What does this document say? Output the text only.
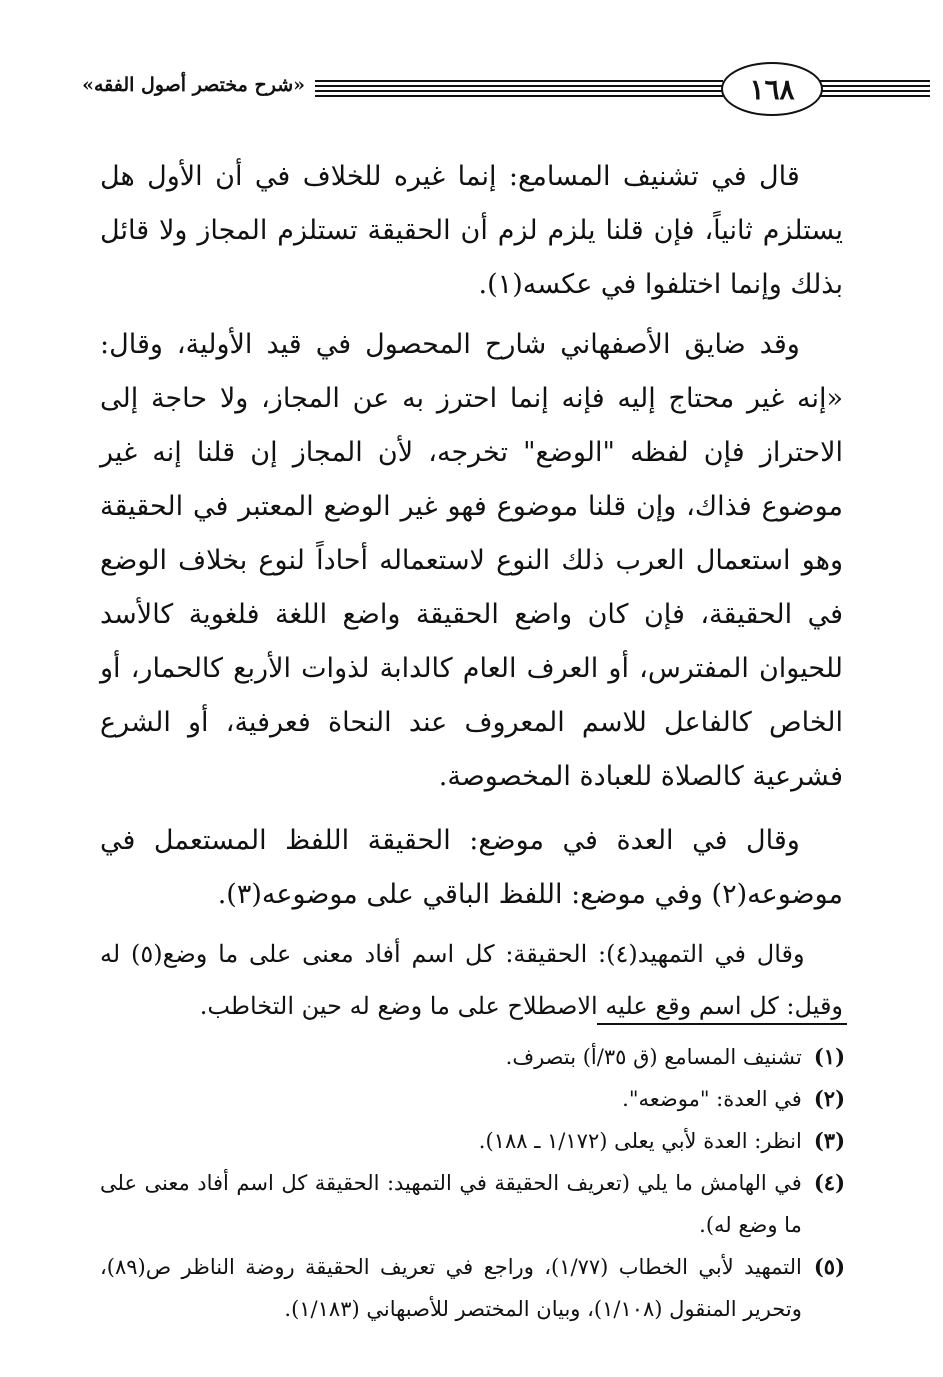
١٦٨
«شرح مختصر أصول الفقه»

قال في تشنيف المسامع: إنما غيره للخلاف في أن الأول هل يستلزم ثانياً، فإن قلنا يلزم لزم أن الحقيقة تستلزم المجاز ولا قائل بذلك وإنما اختلفوا في عكسه(١).

وقد ضايق الأصفهاني شارح المحصول في قيد الأولية، وقال: «إنه غير محتاج إليه فإنه إنما احترز به عن المجاز، ولا حاجة إلى الاحتراز فإن لفظه "الوضع" تخرجه، لأن المجاز إن قلنا إنه غير موضوع فذاك، وإن قلنا موضوع فهو غير الوضع المعتبر في الحقيقة وهو استعمال العرب ذلك النوع لاستعماله أحاداً لنوع بخلاف الوضع في الحقيقة، فإن كان واضع الحقيقة واضع اللغة فلغوية كالأسد للحيوان المفترس، أو العرف العام كالدابة لذوات الأربع كالحمار، أو الخاص كالفاعل للاسم المعروف عند النحاة فعرفية، أو الشرع فشرعية كالصلاة للعبادة المخصوصة.

وقال في العدة في موضع: الحقيقة اللفظ المستعمل في موضوعه(٢) وفي موضع: اللفظ الباقي على موضوعه(٣).

وقال في التمهيد(٤): الحقيقة: كل اسم أفاد معنى على ما وضع(٥) له وقيل: كل اسم وقع عليه الاصطلاح على ما وضع له حين التخاطب.

(١)
تشنيف المسامع (ق ٣٥/أ) بتصرف.
(٢)
في العدة: "موضعه".
(٣)
انظر: العدة لأبي يعلى (١/١٧٢ ـ ١٨٨).
(٤)
في الهامش ما يلي (تعريف الحقيقة في التمهيد: الحقيقة كل اسم أفاد معنى على ما وضع له).
(٥)
التمهيد لأبي الخطاب (١/٧٧)، وراجع في تعريف الحقيقة روضة الناظر ص(٨٩)، وتحرير المنقول (١/١٠٨)، وبيان المختصر للأصبهاني (١/١٨٣).
